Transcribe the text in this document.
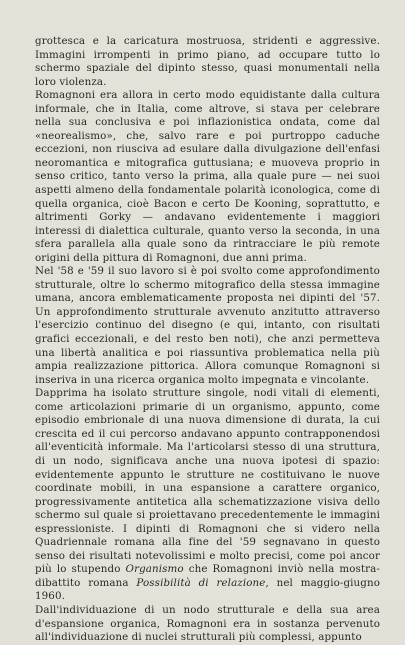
grottesca e la caricatura mostruosa, stridenti e aggressive. Immagini irrompenti in primo piano, ad occupare tutto lo schermo spaziale del dipinto stesso, quasi monumentali nella loro violenza.

Romagnoni era allora in certo modo equidistante dalla cultura informale, che in Italia, come altrove, si stava per celebrare nella sua conclusiva e poi inflazionistica ondata, come dal «neorealismo», che, salvo rare e poi purtroppo caduche eccezioni, non riusciva ad esulare dalla divulgazione dell'enfasi neoromantica e mitografica guttusiana; e muoveva proprio in senso critico, tanto verso la prima, alla quale pure — nei suoi aspetti almeno della fondamentale polarità iconologica, come di quella organica, cioè Bacon e certo De Kooning, soprattutto, e altrimenti Gorky — andavano evidentemente i maggiori interessi di dialettica culturale, quanto verso la seconda, in una sfera parallela alla quale sono da rintracciare le più remote origini della pittura di Romagnoni, due anni prima.

Nel '58 e '59 il suo lavoro si è poi svolto come approfondimento strutturale, oltre lo schermo mitografico della stessa immagine umana, ancora emblematicamente proposta nei dipinti del '57. Un approfondimento strutturale avvenuto anzitutto attraverso l'esercizio continuo del disegno (e qui, intanto, con risultati grafici eccezionali, e del resto ben noti), che anzi permetteva una libertà analitica e poi riassuntiva problematica nella più ampia realizzazione pittorica. Allora comunque Romagnoni si inseriva in una ricerca organica molto impegnata e vincolante.

Dapprima ha isolato strutture singole, nodi vitali di elementi, come articolazioni primarie di un organismo, appunto, come episodio embrionale di una nuova dimensione di durata, la cui crescita ed il cui percorso andavano appunto contrapponendosi all'eventicità informale. Ma l'articolarsi stesso di una struttura, di un nodo, significava anche una nuova ipotesi di spazio: evidentemente appunto le strutture ne costituivano le nuove coordinate mobili, in una espansione a carattere organico, progressivamente antitetica alla schematizzazione visiva dello schermo sul quale si proiettavano precedentemente le immagini espressioniste. I dipinti di Romagnoni che si videro nella Quadriennale romana alla fine del '59 segnavano in questo senso dei risultati notevolissimi e molto precisi, come poi ancor più lo stupendo Organismo che Romagnoni inviò nella mostra-dibattito romana Possibilità di relazione, nel maggio-giugno 1960.

Dall'individuazione di un nodo strutturale e della sua area d'espansione organica, Romagnoni era in sostanza pervenuto all'individuazione di nuclei strutturali più complessi, appunto
